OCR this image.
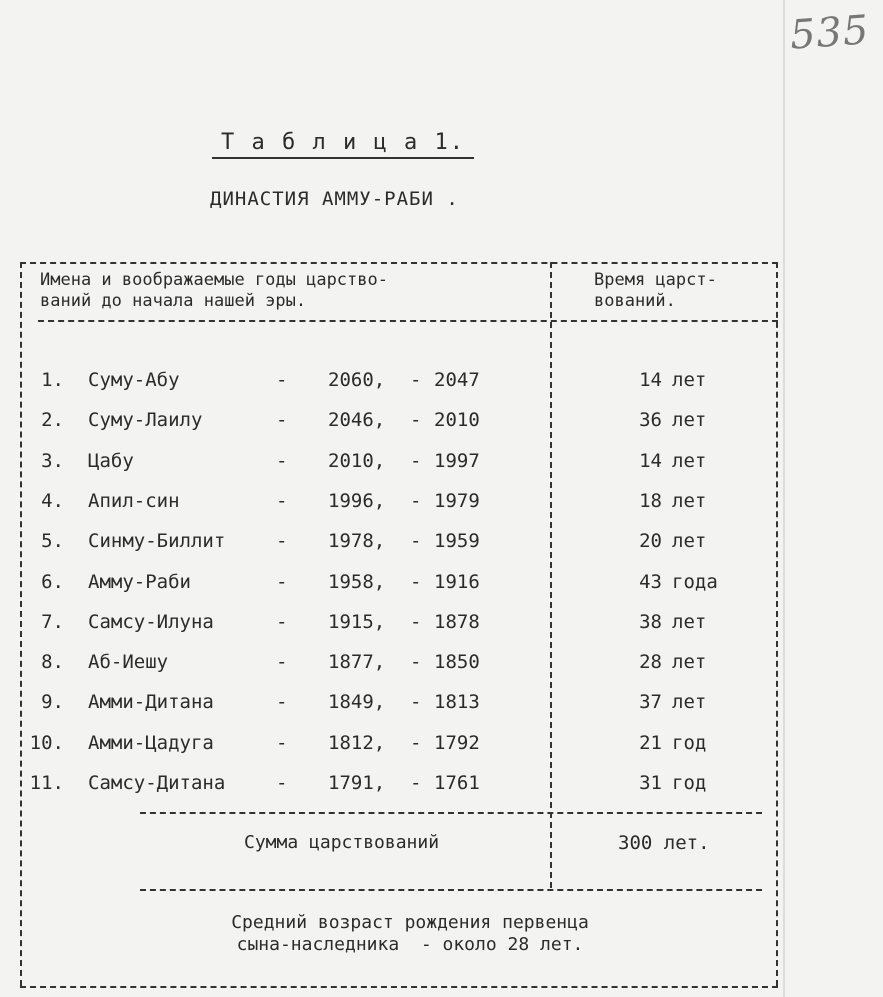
535
Т а б л и ц а 1.
ДИНАСТИЯ АММУ-РАБИ .
Имена и воображаемые годы царство-
ваний до начала нашей эры.
Время царст-
вований.
1. Суму-Абу	- 2060, - 2047	14 лет
2. Суму-Лаилу	- 2046, - 2010	36 лет
3. Цабу	- 2010, - 1997	14 лет
4. Апил-син	- 1996, - 1979	18 лет
5. Синму-Биллит	- 1978, - 1959	20 лет
6. Амму-Раби	- 1958, - 1916	43 года
7. Самсу-Илуна	- 1915, - 1878	38 лет
8. Аб-Иешу	- 1877, - 1850	28 лет
9. Амми-Дитана	- 1849, - 1813	37 лет
10. Амми-Цадуга	- 1812, - 1792	21 год
11. Самсу-Дитана	- 1791, - 1761	31 год
Сумма царствований	300 лет.
Средний возраст рождения первенца
сына-наследника  - около 28 лет.
